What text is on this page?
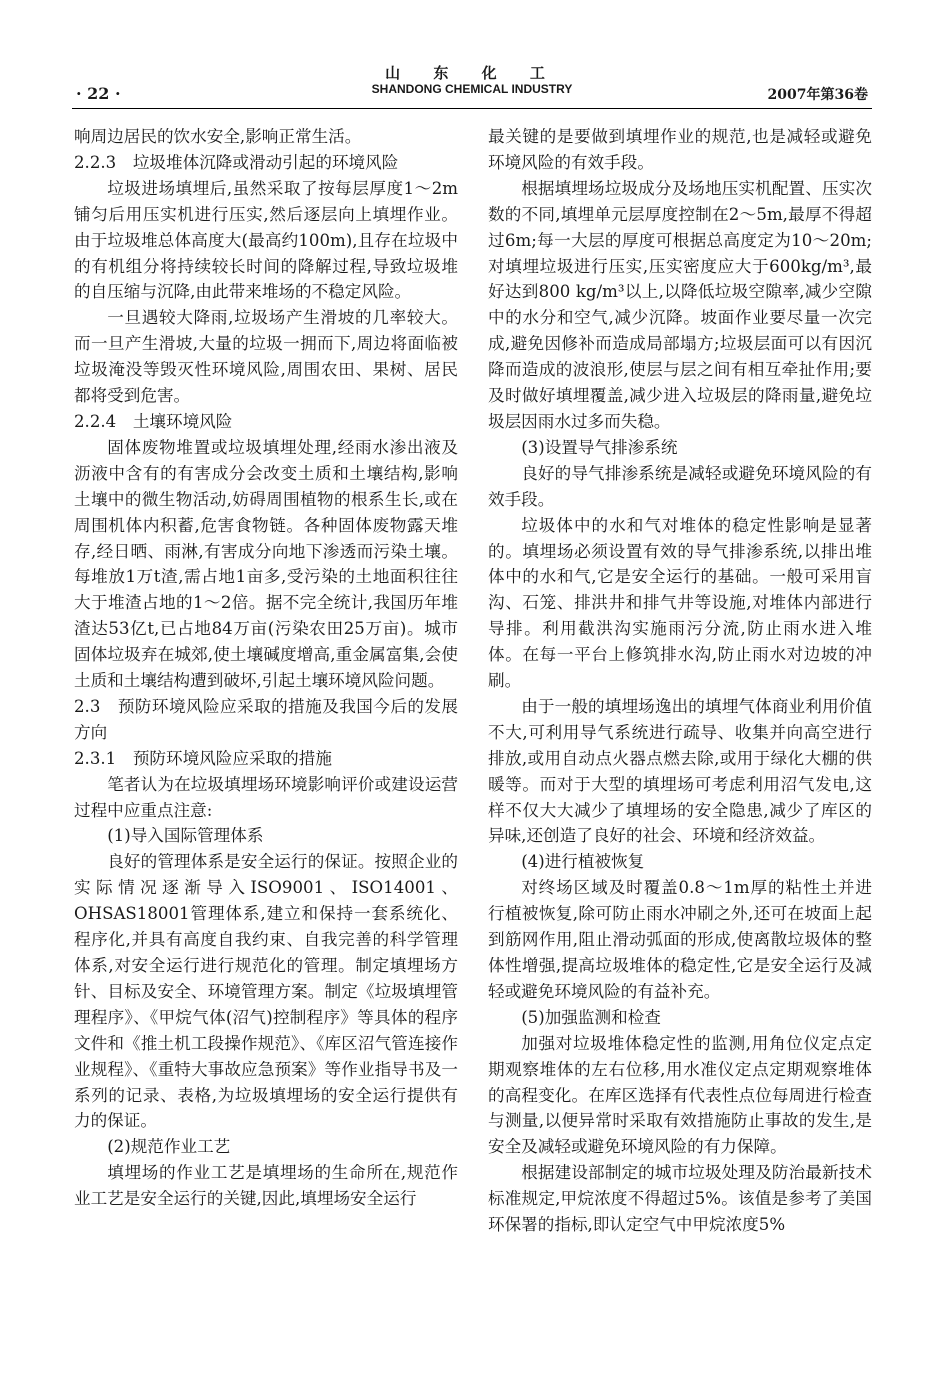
· 22 ·
山 东 化 工
SHANDONG CHEMICAL INDUSTRY	2007年第36卷

响周边居民的饮水安全,影响正常生活。

2.2.3　垃圾堆体沉降或滑动引起的环境风险

垃圾进场填埋后,虽然采取了按每层厚度1～2m铺匀后用压实机进行压实,然后逐层向上填埋作业。由于垃圾堆总体高度大(最高约100m),且存在垃圾中的有机组分将持续较长时间的降解过程,导致垃圾堆的自压缩与沉降,由此带来堆场的不稳定风险。

一旦遇较大降雨,垃圾场产生滑坡的几率较大。而一旦产生滑坡,大量的垃圾一拥而下,周边将面临被垃圾淹没等毁灭性环境风险,周围农田、果树、居民都将受到危害。

2.2.4　土壤环境风险

固体废物堆置或垃圾填埋处理,经雨水渗出液及沥液中含有的有害成分会改变土质和土壤结构,影响土壤中的微生物活动,妨碍周围植物的根系生长,或在周围机体内积蓄,危害食物链。各种固体废物露天堆存,经日晒、雨淋,有害成分向地下渗透而污染土壤。每堆放1万t渣,需占地1亩多,受污染的土地面积往往大于堆渣占地的1～2倍。据不完全统计,我国历年堆渣达53亿t,已占地84万亩(污染农田25万亩)。城市固体垃圾弃在城郊,使土壤碱度增高,重金属富集,会使土质和土壤结构遭到破坏,引起土壤环境风险问题。

2.3　预防环境风险应采取的措施及我国今后的发展方向

2.3.1　预防环境风险应采取的措施

笔者认为在垃圾填埋场环境影响评价或建设运营过程中应重点注意:

(1)导入国际管理体系

良好的管理体系是安全运行的保证。按照企业的实际情况逐渐导入ISO9001、ISO14001、OHSAS18001管理体系,建立和保持一套系统化、程序化,并具有高度自我约束、自我完善的科学管理体系,对安全运行进行规范化的管理。制定填埋场方针、目标及安全、环境管理方案。制定《垃圾填埋管理程序》、《甲烷气体(沼气)控制程序》等具体的程序文件和《推土机工段操作规范》、《库区沼气管连接作业规程》、《重特大事故应急预案》等作业指导书及一系列的记录、表格,为垃圾填埋场的安全运行提供有力的保证。

(2)规范作业工艺

填埋场的作业工艺是填埋场的生命所在,规范作业工艺是安全运行的关键,因此,填埋场安全运行

最关键的是要做到填埋作业的规范,也是减轻或避免环境风险的有效手段。

根据填埋场垃圾成分及场地压实机配置、压实次数的不同,填埋单元层厚度控制在2～5m,最厚不得超过6m;每一大层的厚度可根据总高度定为10～20m;对填埋垃圾进行压实,压实密度应大于600kg/m³,最好达到800 kg/m³以上,以降低垃圾空隙率,减少空隙中的水分和空气,减少沉降。坡面作业要尽量一次完成,避免因修补而造成局部塌方;垃圾层面可以有因沉降而造成的波浪形,使层与层之间有相互牵扯作用;要及时做好填埋覆盖,减少进入垃圾层的降雨量,避免垃圾层因雨水过多而失稳。

(3)设置导气排渗系统

良好的导气排渗系统是减轻或避免环境风险的有效手段。

垃圾体中的水和气对堆体的稳定性影响是显著的。填埋场必须设置有效的导气排渗系统,以排出堆体中的水和气,它是安全运行的基础。一般可采用盲沟、石笼、排洪井和排气井等设施,对堆体内部进行导排。利用截洪沟实施雨污分流,防止雨水进入堆体。在每一平台上修筑排水沟,防止雨水对边坡的冲刷。

由于一般的填埋场逸出的填埋气体商业利用价值不大,可利用导气系统进行疏导、收集并向高空进行排放,或用自动点火器点燃去除,或用于绿化大棚的供暖等。而对于大型的填埋场可考虑利用沼气发电,这样不仅大大减少了填埋场的安全隐患,减少了库区的异味,还创造了良好的社会、环境和经济效益。

(4)进行植被恢复

对终场区域及时覆盖0.8～1m厚的粘性土并进行植被恢复,除可防止雨水冲刷之外,还可在坡面上起到筋网作用,阻止滑动弧面的形成,使离散垃圾体的整体性增强,提高垃圾堆体的稳定性,它是安全运行及减轻或避免环境风险的有益补充。

(5)加强监测和检查

加强对垃圾堆体稳定性的监测,用角位仪定点定期观察堆体的左右位移,用水准仪定点定期观察堆体的高程变化。在库区选择有代表性点位每周进行检查与测量,以便异常时采取有效措施防止事故的发生,是安全及减轻或避免环境风险的有力保障。

根据建设部制定的城市垃圾处理及防治最新技术标准规定,甲烷浓度不得超过5%。该值是参考了美国环保署的指标,即认定空气中甲烷浓度5%
